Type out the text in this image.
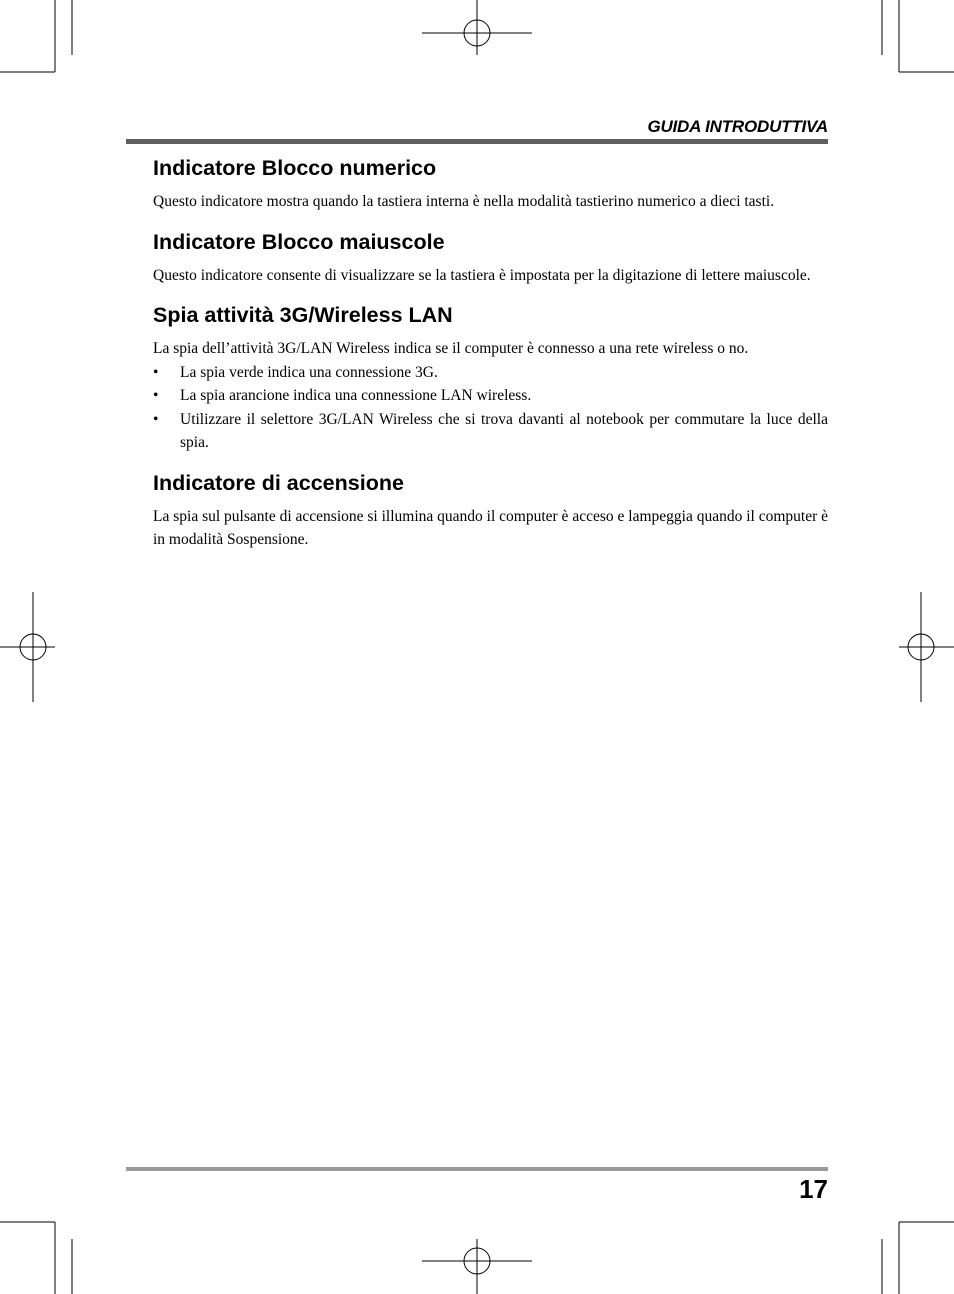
GUIDA INTRODUTTIVA
Indicatore Blocco numerico

Questo indicatore mostra quando la tastiera interna è nella modalità tastierino numerico a dieci tasti.

Indicatore Blocco maiuscole

Questo indicatore consente di visualizzare se la tastiera è impostata per la digitazione di lettere maiuscole.

Spia attività 3G/Wireless LAN

La spia dell’attività 3G/LAN Wireless indica se il computer è connesso a una rete wireless o no.

• La spia verde indica una connessione 3G.
• La spia arancione indica una connessione LAN wireless.
• Utilizzare il selettore 3G/LAN Wireless che si trova davanti al notebook per commutare la luce della spia.
Indicatore di accensione

La spia sul pulsante di accensione si illumina quando il computer è acceso e lampeggia quando il computer è in modalità Sospensione.

17
